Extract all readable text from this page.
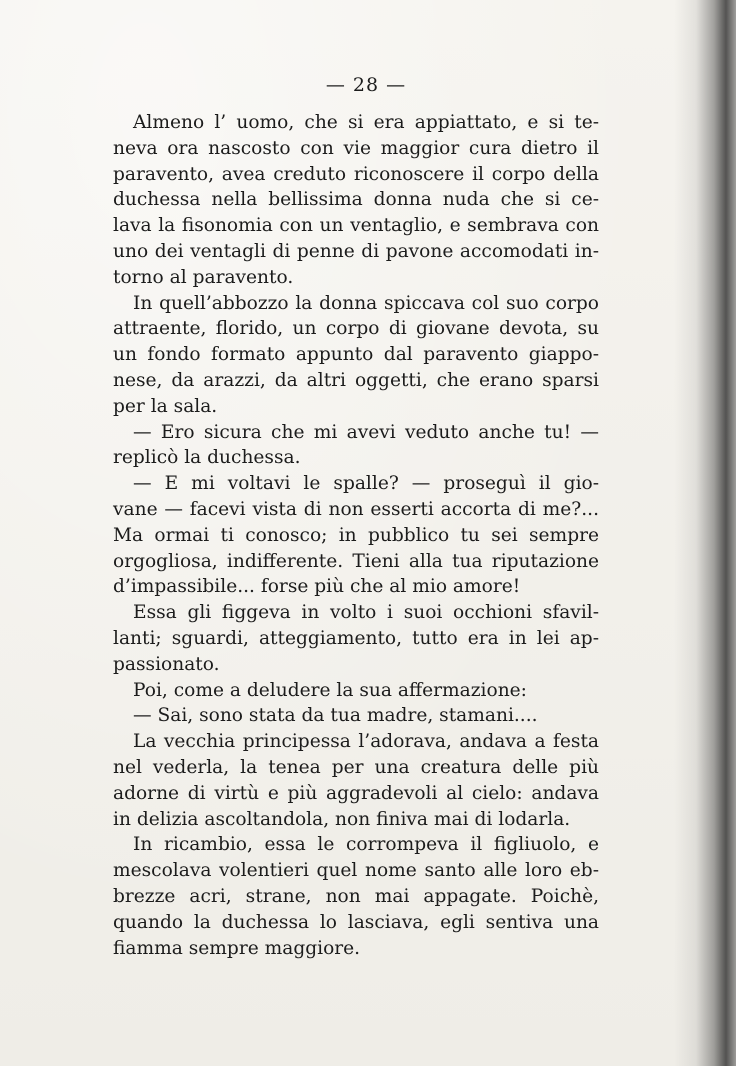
— 28 —
Almeno l’ uomo, che si era appiattato, e si te-
neva ora nascosto con vie maggior cura dietro il
paravento, avea creduto riconoscere il corpo della
duchessa nella bellissima donna nuda che si ce-
lava la fisonomia con un ventaglio, e sembrava con
uno dei ventagli di penne di pavone accomodati in-
torno al paravento.
In quell’abbozzo la donna spiccava col suo corpo
attraente, florido, un corpo di giovane devota, su
un fondo formato appunto dal paravento giappo-
nese, da arazzi, da altri oggetti, che erano sparsi
per la sala.
— Ero sicura che mi avevi veduto anche tu! —
replicò la duchessa.
— E mi voltavi le spalle? — proseguì il gio-
vane — facevi vista di non esserti accorta di me?...
Ma ormai ti conosco; in pubblico tu sei sempre
orgogliosa, indifferente. Tieni alla tua riputazione
d’impassibile... forse più che al mio amore!
Essa gli figgeva in volto i suoi occhioni sfavil-
lanti; sguardi, atteggiamento, tutto era in lei ap-
passionato.
Poi, come a deludere la sua affermazione:
— Sai, sono stata da tua madre, stamani....
La vecchia principessa l’adorava, andava a festa
nel vederla, la tenea per una creatura delle più
adorne di virtù e più aggradevoli al cielo: andava
in delizia ascoltandola, non finiva mai di lodarla.
In ricambio, essa le corrompeva il figliuolo, e
mescolava volentieri quel nome santo alle loro eb-
brezze acri, strane, non mai appagate. Poichè,
quando la duchessa lo lasciava, egli sentiva una
fiamma sempre maggiore.
